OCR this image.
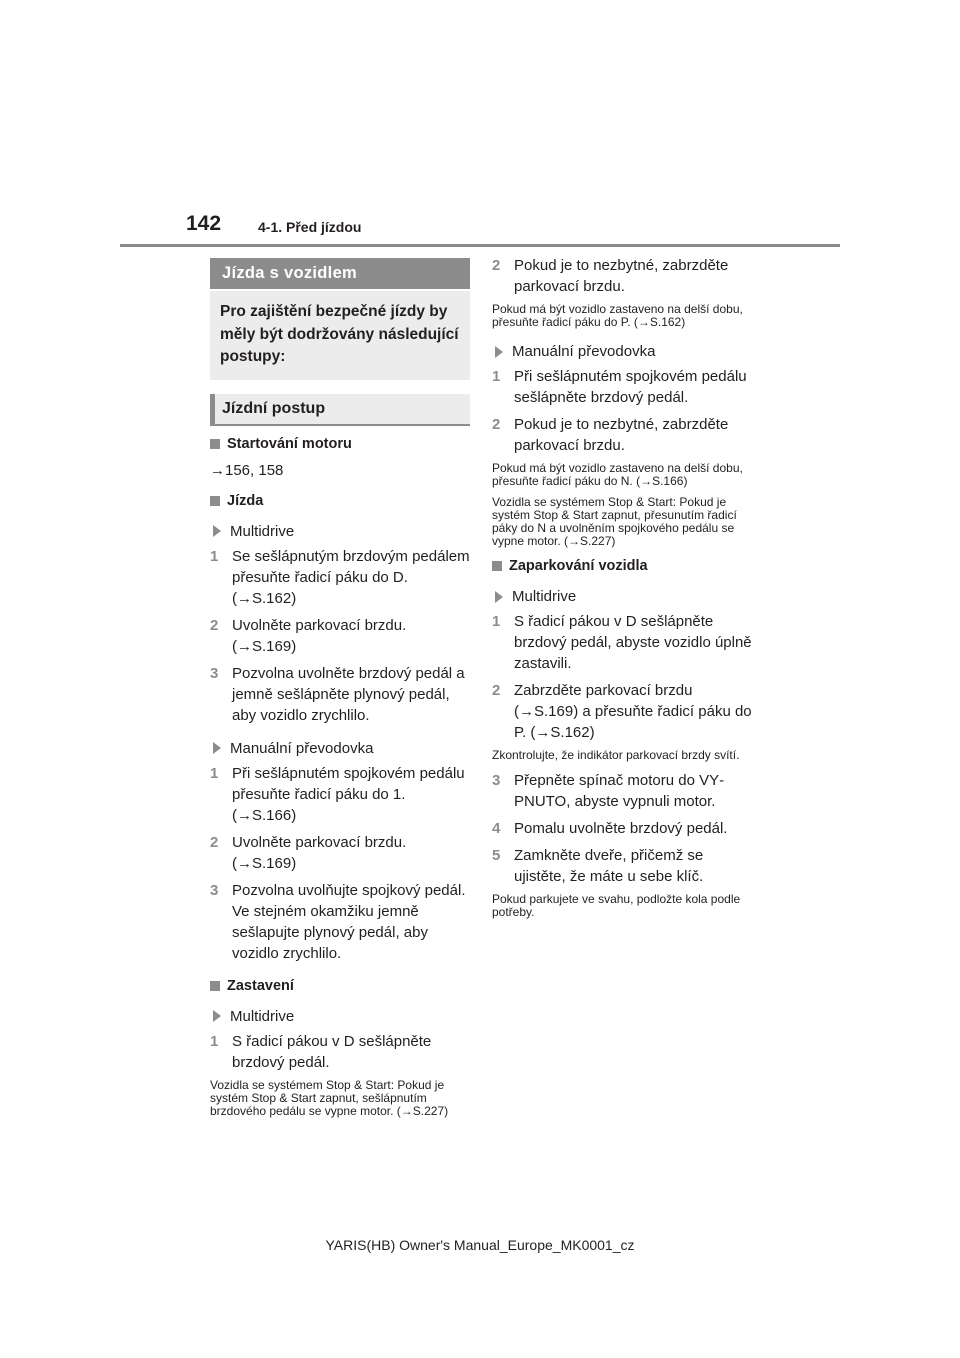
142	4-1. Před jízdou
Jízda s vozidlem
Pro zajištění bezpečné jízdy by měly být dodržovány následující postupy:
Jízdní postup
Startování motoru
→156, 158
Jízda
Multidrive
1 Se sešlápnutým brzdovým pedálem přesuňte řadicí páku do D. (→S.162)
2 Uvolněte parkovací brzdu. (→S.169)
3 Pozvolna uvolněte brzdový pedál a jemně sešlápněte plynový pedál, aby vozidlo zrychlilo.
Manuální převodovka
1 Při sešlápnutém spojkovém pedálu přesuňte řadicí páku do 1. (→S.166)
2 Uvolněte parkovací brzdu. (→S.169)
3 Pozvolna uvolňujte spojkový pedál. Ve stejném okamžiku jemně sešlapujte plynový pedál, aby vozidlo zrychlilo.
Zastavení
Multidrive
1 S řadicí pákou v D sešlápněte brzdový pedál.
Vozidla se systémem Stop & Start: Pokud je systém Stop & Start zapnut, sešlápnutím brzdového pedálu se vypne motor. (→S.227)
2 Pokud je to nezbytné, zabrzděte parkovací brzdu.
Pokud má být vozidlo zastaveno na delší dobu, přesuňte řadicí páku do P. (→S.162)
Manuální převodovka
1 Při sešlápnutém spojkovém pedálu sešlápněte brzdový pedál.
2 Pokud je to nezbytné, zabrzděte parkovací brzdu.
Pokud má být vozidlo zastaveno na delší dobu, přesuňte řadicí páku do N. (→S.166)
Vozidla se systémem Stop & Start: Pokud je systém Stop & Start zapnut, přesunutím řadicí páky do N a uvolněním spojkového pedálu se vypne motor. (→S.227)
Zaparkování vozidla
Multidrive
1 S řadicí pákou v D sešlápněte brzdový pedál, abyste vozidlo úplně zastavili.
2 Zabrzděte parkovací brzdu (→S.169) a přesuňte řadicí páku do P. (→S.162)
Zkontrolujte, že indikátor parkovací brzdy svítí.
3 Přepněte spínač motoru do VYPNUTO, abyste vypnuli motor.
4 Pomalu uvolněte brzdový pedál.
5 Zamkněte dveře, přičemž se ujistěte, že máte u sebe klíč.
Pokud parkujete ve svahu, podložte kola podle potřeby.
YARIS(HB) Owner's Manual_Europe_MK0001_cz
